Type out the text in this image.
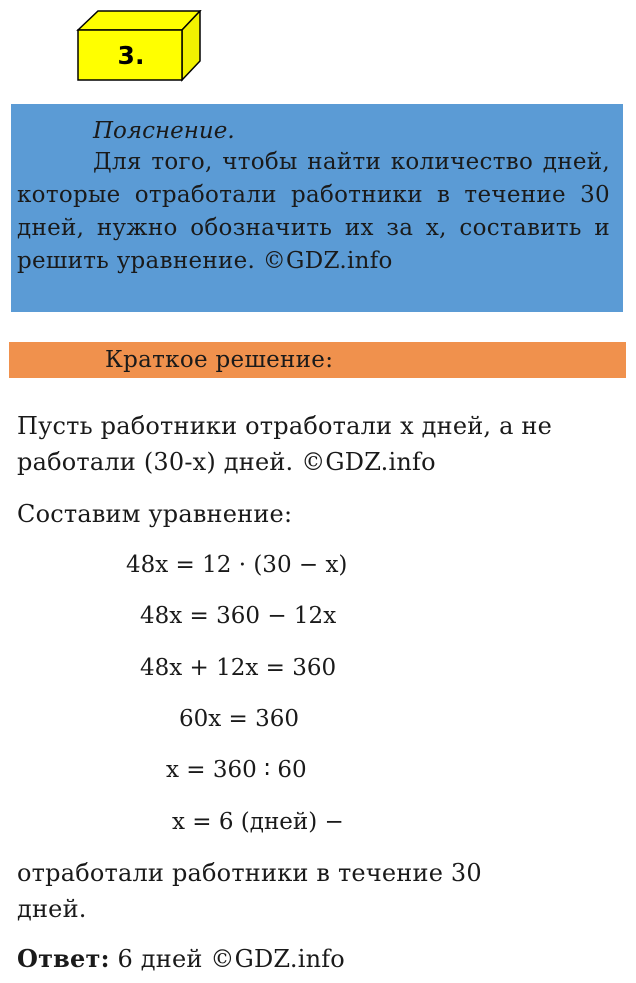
3.

Пояснение.

Для того, чтобы найти количество дней, которые отработали работники в течение 30 дней, нужно обозначить их за х, составить и решить уравнение. ©GDZ.info

Краткое решение:

Пусть работники отработали х дней, а не

работали (30-х) дней. ©GDZ.info

Составим уравнение:

48x = 12 · (30 − x)
48x = 360 − 12x
48x + 12x = 360
60x = 360
x = 360 ∶ 60
x = 6 (дней) −

отработали работники в течение 30

дней.

Ответ: 6 дней ©GDZ.info
